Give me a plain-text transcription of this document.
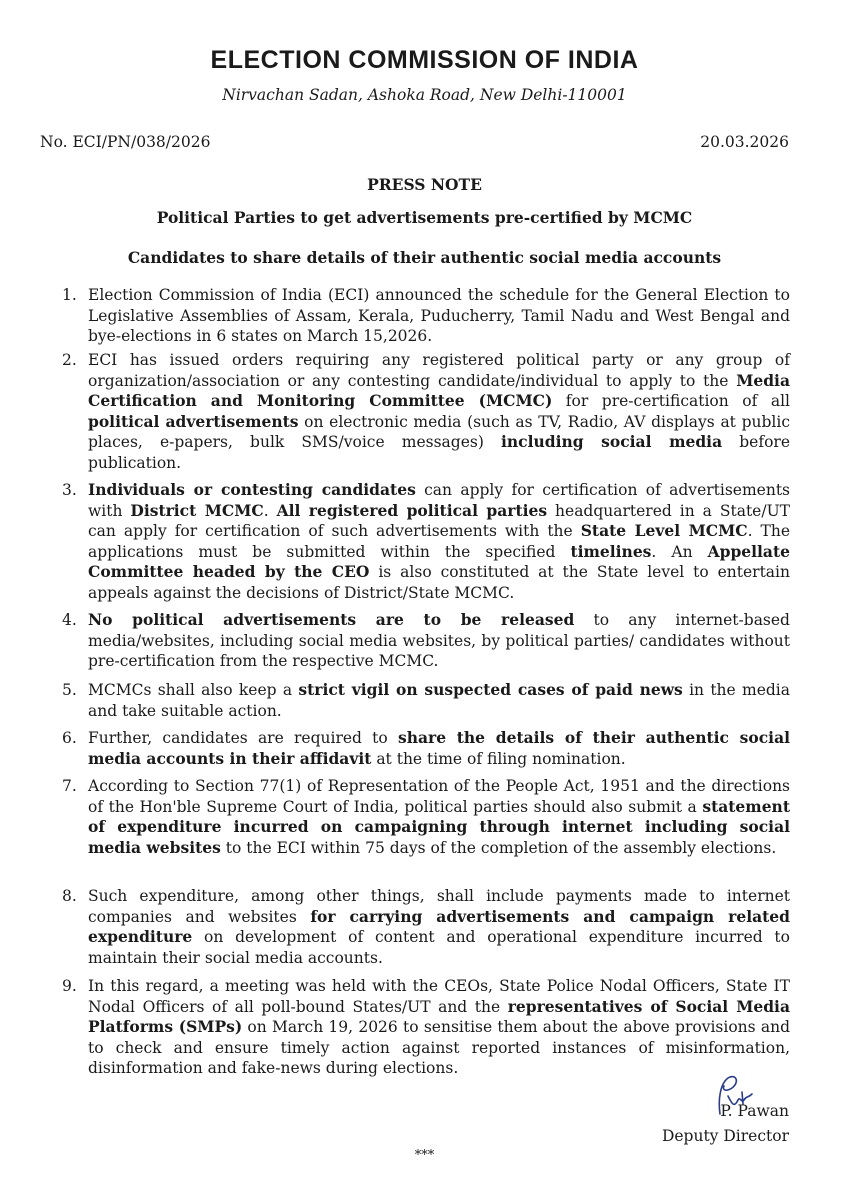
ELECTION COMMISSION OF INDIA
Nirvachan Sadan, Ashoka Road, New Delhi-110001
No. ECI/PN/038/2026	20.03.2026
PRESS NOTE
Political Parties to get advertisements pre-certified by MCMC
Candidates to share details of their authentic social media accounts
1. Election Commission of India (ECI) announced the schedule for the General Election to Legislative Assemblies of Assam, Kerala, Puducherry, Tamil Nadu and West Bengal and bye-elections in 6 states on March 15,2026.
2. ECI has issued orders requiring any registered political party or any group of organization/association or any contesting candidate/individual to apply to the Media Certification and Monitoring Committee (MCMC) for pre-certification of all political advertisements on electronic media (such as TV, Radio, AV displays at public places, e-papers, bulk SMS/voice messages) including social media before publication.
3. Individuals or contesting candidates can apply for certification of advertisements with District MCMC. All registered political parties headquartered in a State/UT can apply for certification of such advertisements with the State Level MCMC. The applications must be submitted within the specified timelines. An Appellate Committee headed by the CEO is also constituted at the State level to entertain appeals against the decisions of District/State MCMC.
4. No political advertisements are to be released to any internet-based media/websites, including social media websites, by political parties/ candidates without pre-certification from the respective MCMC.
5. MCMCs shall also keep a strict vigil on suspected cases of paid news in the media and take suitable action.
6. Further, candidates are required to share the details of their authentic social media accounts in their affidavit at the time of filing nomination.
7. According to Section 77(1) of Representation of the People Act, 1951 and the directions of the Hon'ble Supreme Court of India, political parties should also submit a statement of expenditure incurred on campaigning through internet including social media websites to the ECI within 75 days of the completion of the assembly elections.
8. Such expenditure, among other things, shall include payments made to internet companies and websites for carrying advertisements and campaign related expenditure on development of content and operational expenditure incurred to maintain their social media accounts.
9. In this regard, a meeting was held with the CEOs, State Police Nodal Officers, State IT Nodal Officers of all poll-bound States/UT and the representatives of Social Media Platforms (SMPs) on March 19, 2026 to sensitise them about the above provisions and to check and ensure timely action against reported instances of misinformation, disinformation and fake-news during elections.
P. Pawan
Deputy Director
***
